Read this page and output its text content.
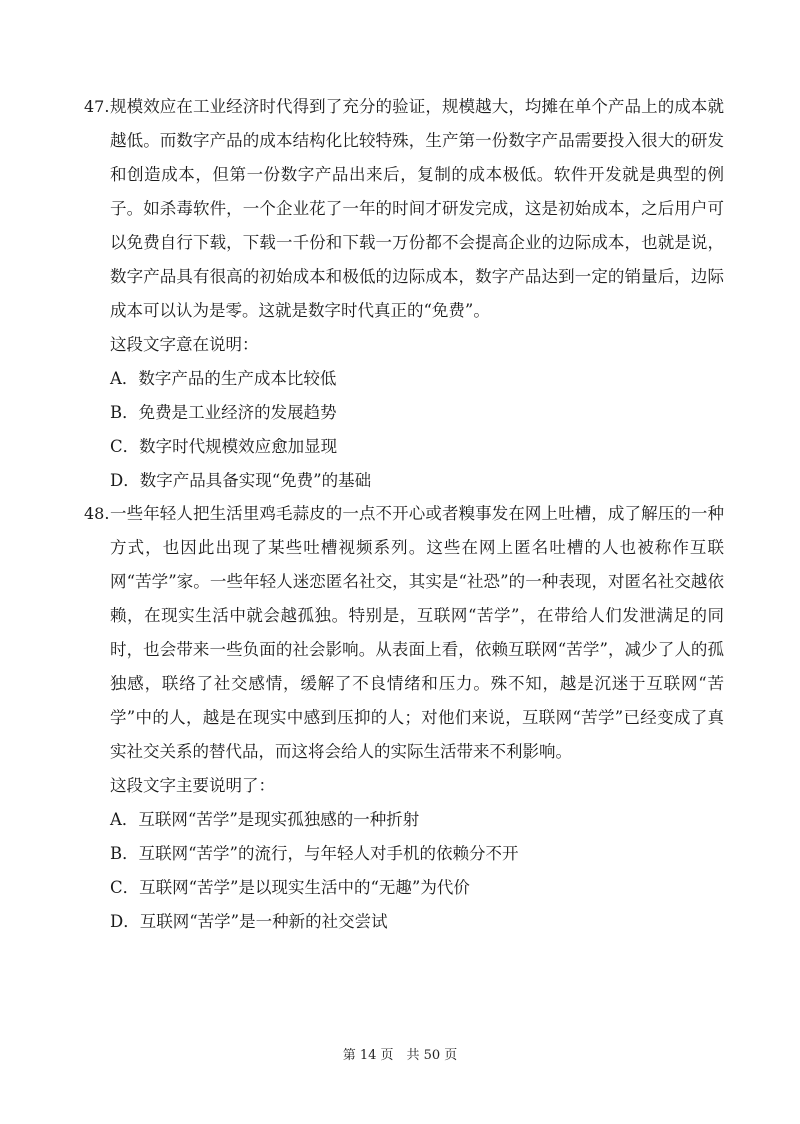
47. 规模效应在工业经济时代得到了充分的验证，规模越大，均摊在单个产品上的成本就越低。而数字产品的成本结构化比较特殊，生产第一份数字产品需要投入很大的研发和创造成本，但第一份数字产品出来后，复制的成本极低。软件开发就是典型的例子。如杀毒软件，一个企业花了一年的时间才研发完成，这是初始成本，之后用户可以免费自行下载，下载一千份和下载一万份都不会提高企业的边际成本，也就是说，数字产品具有很高的初始成本和极低的边际成本，数字产品达到一定的销量后，边际成本可以认为是零。这就是数字时代真正的“免费”。
这段文字意在说明：
A．数字产品的生产成本比较低
B．免费是工业经济的发展趋势
C．数字时代规模效应愈加显现
D．数字产品具备实现“免费”的基础
48. 一些年轻人把生活里鸡毛蒜皮的一点不开心或者糗事发在网上吐槽，成了解压的一种方式，也因此出现了某些吐槽视频系列。这些在网上匿名吐槽的人也被称作互联网“苦学”家。一些年轻人迷恋匿名社交，其实是“社恐”的一种表现，对匿名社交越依赖，在现实生活中就会越孤独。特别是，互联网“苦学”，在带给人们发泄满足的同时，也会带来一些负面的社会影响。从表面上看，依赖互联网“苦学”，减少了人的孤独感，联络了社交感情，缓解了不良情绪和压力。殊不知，越是沉迷于互联网“苦学”中的人，越是在现实中感到压抑的人；对他们来说，互联网“苦学”已经变成了真实社交关系的替代品，而这将会给人的实际生活带来不利影响。
这段文字主要说明了：
A．互联网“苦学”是现实孤独感的一种折射
B．互联网“苦学”的流行，与年轻人对手机的依赖分不开
C．互联网“苦学”是以现实生活中的“无趣”为代价
D．互联网“苦学”是一种新的社交尝试
第 14 页　共 50 页
